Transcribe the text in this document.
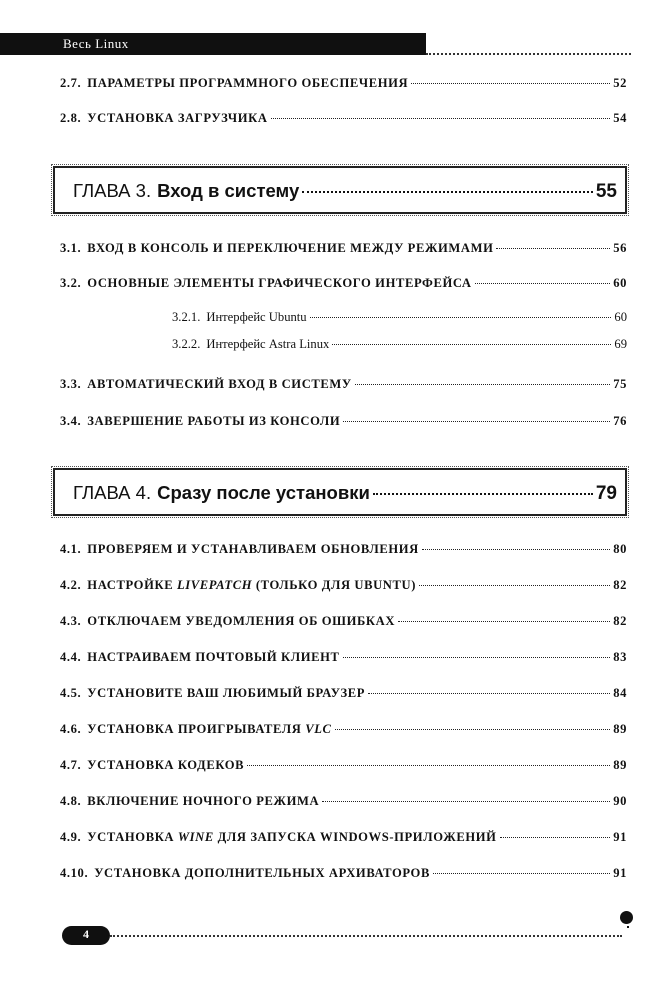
Весь Linux
2.7. ПАРАМЕТРЫ ПРОГРАММНОГО ОБЕСПЕЧЕНИЯ	52
2.8. УСТАНОВКА ЗАГРУЗЧИКА	54
ГЛАВА 3. Вход в систему	55
3.1. ВХОД В КОНСОЛЬ И ПЕРЕКЛЮЧЕНИЕ МЕЖДУ РЕЖИМАМИ	56
3.2. ОСНОВНЫЕ ЭЛЕМЕНТЫ ГРАФИЧЕСКОГО ИНТЕРФЕЙСА	60
3.2.1. Интерфейс Ubuntu	60
3.2.2. Интерфейс Astra Linux	69
3.3. АВТОМАТИЧЕСКИЙ ВХОД В СИСТЕМУ	75
3.4. ЗАВЕРШЕНИЕ РАБОТЫ ИЗ КОНСОЛИ	76
ГЛАВА 4. Сразу после установки	79
4.1. ПРОВЕРЯЕМ И УСТАНАВЛИВАЕМ ОБНОВЛЕНИЯ	80
4.2. НАСТРОЙКЕ LIVEPATCH (ТОЛЬКО ДЛЯ UBUNTU)	82
4.3. ОТКЛЮЧАЕМ УВЕДОМЛЕНИЯ ОБ ОШИБКАХ	82
4.4. НАСТРАИВАЕМ ПОЧТОВЫЙ КЛИЕНТ	83
4.5. УСТАНОВИТЕ ВАШ ЛЮБИМЫЙ БРАУЗЕР	84
4.6. УСТАНОВКА ПРОИГРЫВАТЕЛЯ VLC	89
4.7. УСТАНОВКА КОДЕКОВ	89
4.8. ВКЛЮЧЕНИЕ НОЧНОГО РЕЖИМА	90
4.9. УСТАНОВКА WINE ДЛЯ ЗАПУСКА WINDOWS-ПРИЛОЖЕНИЙ	91
4.10. УСТАНОВКА ДОПОЛНИТЕЛЬНЫХ АРХИВАТОРОВ	91
4
